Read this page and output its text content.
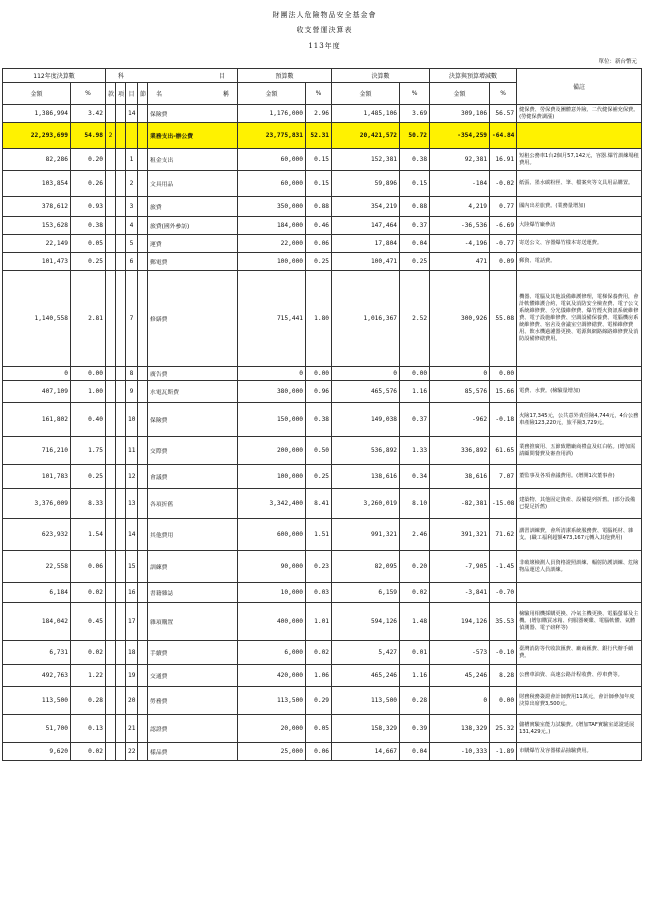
財團法人危險物品安全基金會
收支營運決算表
113年度
單位：新台幣元
112年度決算數		科 目					預算數		決算數		決算與預算增減數		備註
金額	%	款	項	目	節	名 稱	金額	%	金額	%	金額	%	
1,386,994	3.42			14		保險費	1,176,000	2.96	1,485,106	3.69	309,106	56.57	健保費、勞保費及團體意外險、二代健保補充保費。(勞健保費調漲)
22,293,699	54.98	2				業務支出-辦公費	23,775,831	52.31	20,421,572	50.72	-354,259	-64.84	
82,286	0.20			1		租金支出	60,000	0.15	152,381	0.38	92,381	16.91	短租公務車1台2個月57,142元，容器.爆竹訓練場租費用。
103,854	0.26			2		文具用品	60,000	0.15	59,896	0.15	-104	-0.02	紙張、墨水碳粉匣、筆、檔案夾等文具用品購置。
378,612	0.93			3		旅費	350,000	0.88	354,219	0.88	4,219	0.77	國內出差旅費。(業務量增加)
153,628	0.38			4		旅費(國外參訪)	184,000	0.46	147,464	0.37	-36,536	-6.69	大陸爆竹廠參訪
22,149	0.05			5		運費	22,000	0.06	17,804	0.04	-4,196	-0.77	寄送公文、容器爆竹樣本寄送運費。
101,473	0.25			6		郵電費	100,000	0.25	100,471	0.25	471	0.09	郵資、電話費。
1,140,558	2.81			7		修繕費	715,441	1.80	1,016,367	2.52	300,926	55.08	機器、電腦及其他設備維護修理，電梯保養費用，會計軟體維護合約，電氣及消防安全檢查費、電子公文系統維修費、分光儀維修費、爆竹煙火資訊系統維修費、電子設施維修費、空調設備保養費、電腦機房系統維修費、宿舍及會議室空調修繕費、電梯維修費用、飲水機過濾器更換、電源與網路線路維修費及消防設備修繕費用。
0	0.00			8		廣告費	0	0.00	0	0.00	0	0.00	
407,109	1.00			9		水電瓦斯費	380,000	0.96	465,576	1.16	85,576	15.66	電費、水費。(檢驗量增加)
161,802	0.40			10		保險費	150,000	0.38	149,038	0.37	-962	-0.18	火險17,345元，公共意外責任險4,744元，4台公務車產險123,220元，旅平險3,729元。
716,210	1.75			11		交際費	200,000	0.50	536,892	1.33	336,892	61.65	業務推廣用、五節致贈廠商禮盒及紅白帖。(增加需請顧問餐費及審查用酒)
101,783	0.25			12		會議費	100,000	0.25	138,616	0.34	38,616	7.07	董監事及各項會議費用。(增開1次董事會)
3,376,009	8.33			13		各項折舊	3,342,400	8.41	3,260,019	8.10	-82,381	-15.08	建築物、其他固定資產、設備提列折舊。(部分設備已提足折舊)
623,932	1.54			14		其他費用	600,000	1.51	991,321	2.46	391,321	71.62	講習訓練費，會所清潔系統服務費、電腦耗材、雜支。(職工福利超額473,167元轉入其他費用)
22,558	0.06			15		訓練費	90,000	0.23	82,095	0.20	-7,905	-1.45	非破壞檢測人員資格證照訓練、輻射防護訓練、危險物品運送人員訓練。
6,184	0.02			16		書籍雜誌	10,000	0.03	6,159	0.02	-3,841	-0.70	
184,042	0.45			17		雜項購置	400,000	1.01	594,126	1.48	194,126	35.53	檢驗用相機採購更換、冷氣主機更換、電腦螢幕及主機。(增加購買冰箱、伺服器硬碟、電腦軟體、氣體偵測器、電子磅秤等)
6,731	0.02			18		手續費	6,000	0.02	5,427	0.01	-573	-0.10	臺灣消防等代收款匯費、廠商匯費、銀行代辦手續費。
492,763	1.22			19		交通費	420,000	1.06	465,246	1.16	45,246	8.28	公務車油資、高速公路計程收費、停車費等。
113,500	0.28			20		勞務費	113,500	0.29	113,500	0.28	0	0.00	財務稅務簽證會計師費用11萬元，會計師參加年度決算出席費3,500元。
51,700	0.13			21		認證費	20,000	0.05	158,329	0.39	138,329	25.32	儲槽實驗室能力試驗費。(增加TAF實驗室認證延展131,429元。)
9,620	0.02			22		樣品費	25,000	0.06	14,667	0.04	-10,333	-1.89	市購爆竹及容器樣品抽驗費用。
